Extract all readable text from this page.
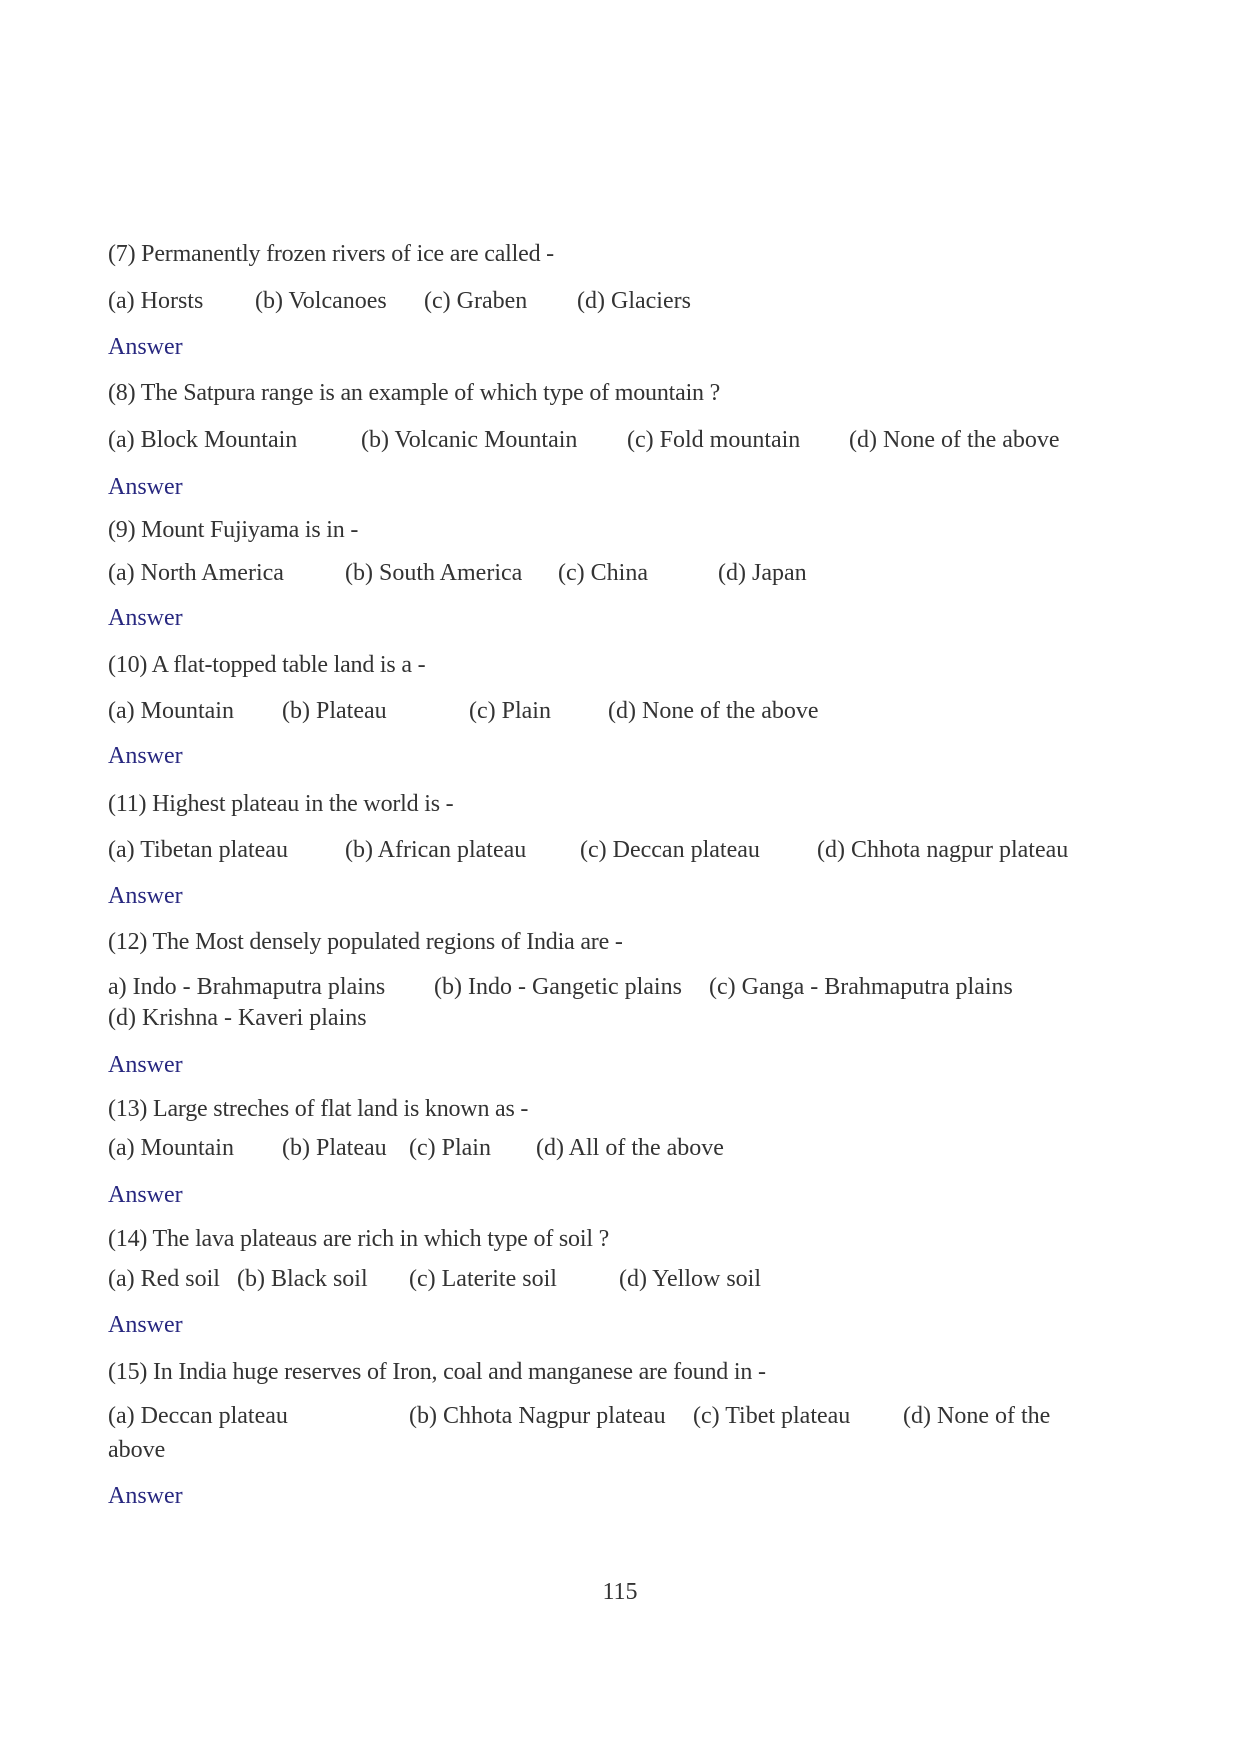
(7) Permanently frozen rivers of ice are called -
(a) Horsts (b) Volcanoes (c) Graben (d) Glaciers
Answer
(8) The Satpura range is an example of which type of mountain ?
(a) Block Mountain	(b) Volcanic Mountain (c) Fold mountain (d) None of the above
Answer
(9) Mount Fujiyama is in -
(a) North America	(b) South America (c) China	(d) Japan
Answer
(10) A flat-topped table land is a -
(a) Mountain (b) Plateau	(c) Plain (d) None of the above
Answer
(11) Highest plateau in the world is -
(a) Tibetan plateau (b) African plateau (c) Deccan plateau (d) Chhota nagpur plateau
Answer
(12) The Most densely populated regions of India are -
a) Indo - Brahmaputra plains (b) Indo - Gangetic plains (c) Ganga - Brahmaputra plains
(d) Krishna - Kaveri plains
Answer
(13) Large streches of flat land is known as -
(a) Mountain (b) Plateau (c) Plain (d) All of the above
Answer
(14) The lava plateaus are rich in which type of soil ?
(a) Red soil (b) Black soil (c) Laterite soil	(d) Yellow soil
Answer
(15) In India huge reserves of Iron, coal and manganese are found in -
(a) Deccan plateau	(b) Chhota Nagpur plateau (c) Tibet plateau (d) None of the
above
Answer
115
